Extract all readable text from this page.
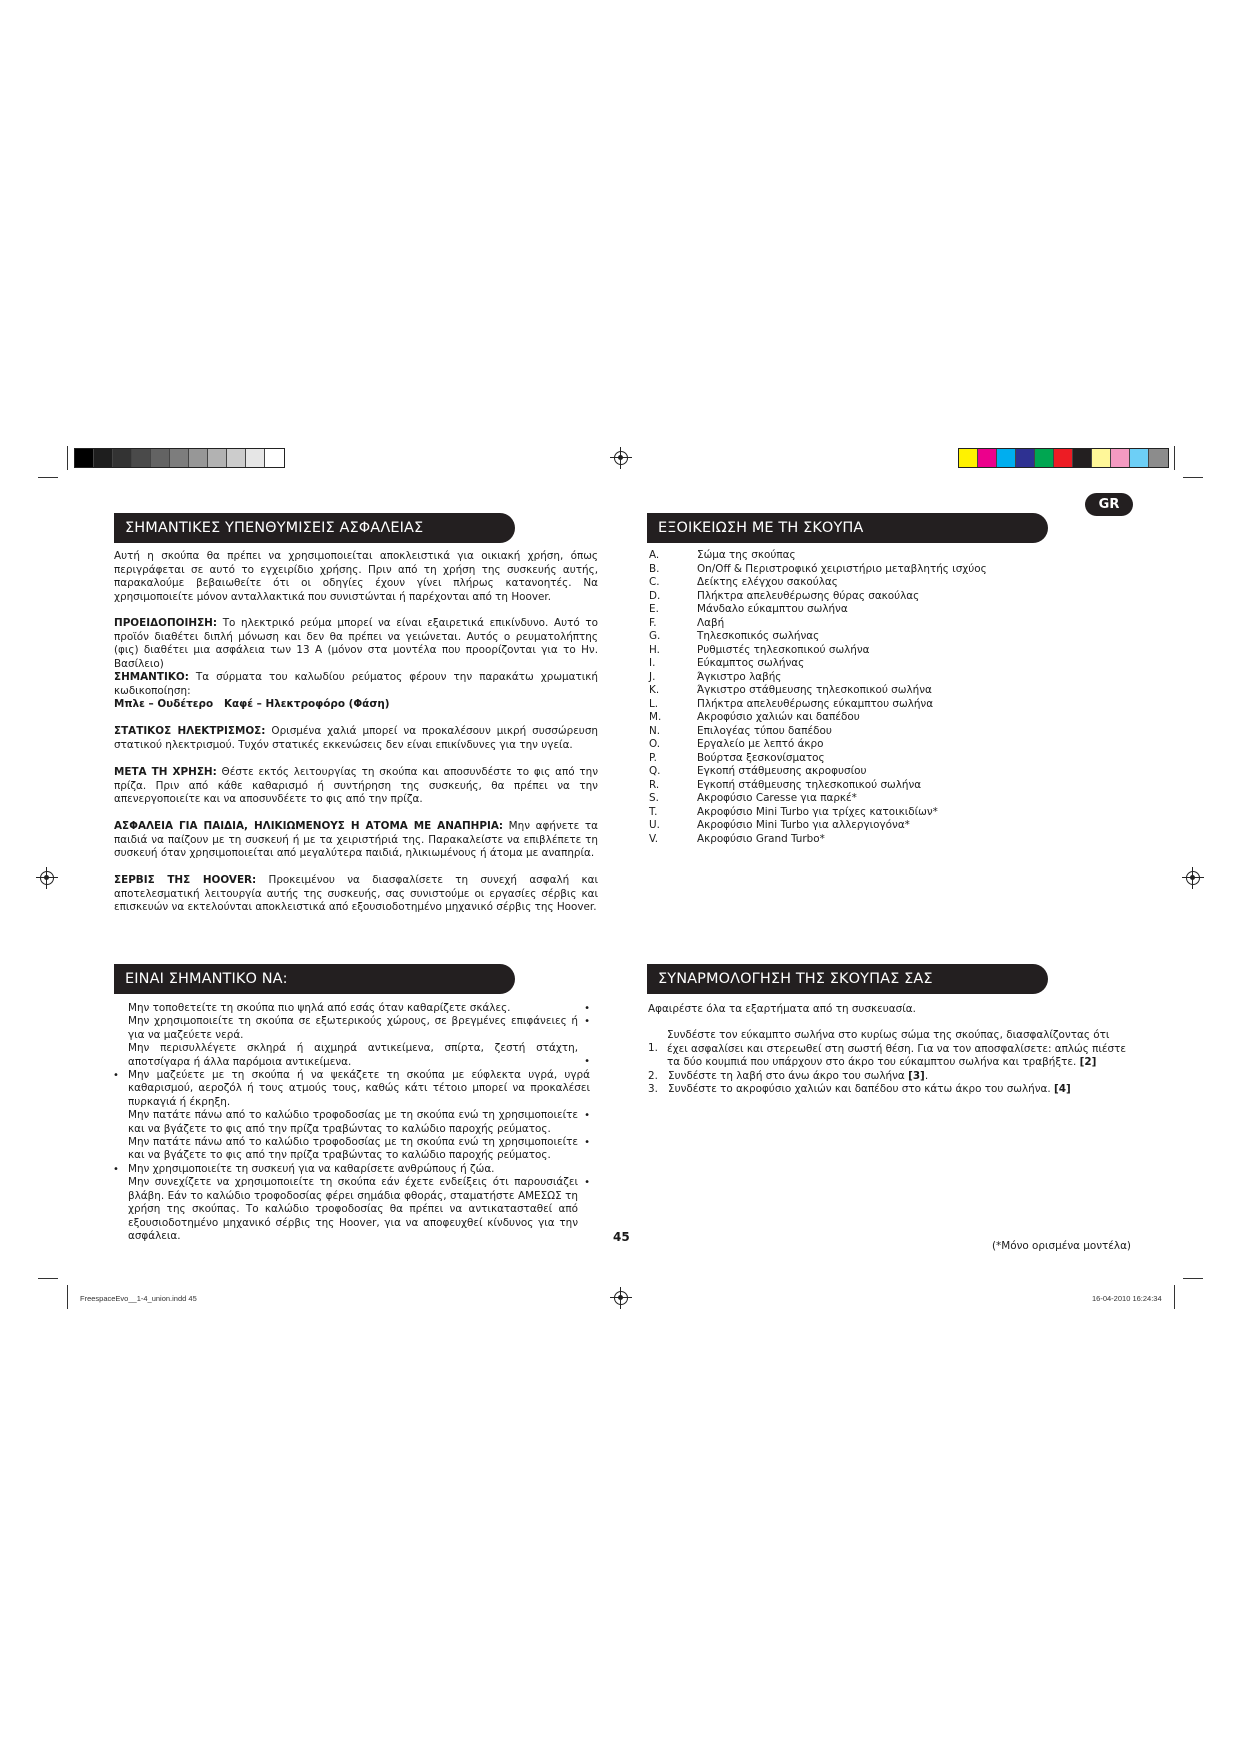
GR
ΣΗΜΑΝΤΙΚΕΣ ΥΠΕΝΘΥΜΙΣΕΙΣ ΑΣΦΑΛΕΙΑΣ
Αυτή η σκούπα θα πρέπει να χρησιμοποιείται αποκλειστικά για οικιακή χρήση, όπως περιγράφεται σε αυτό το εγχειρίδιο χρήσης. Πριν από τη χρήση της συσκευής αυτής, παρακαλούμε βεβαιωθείτε ότι οι οδηγίες έχουν γίνει πλήρως κατανοητές. Να χρησιμοποιείτε μόνον ανταλλακτικά που συνιστώνται ή παρέχονται από τη Hoover.
ΠΡΟΕΙΔΟΠΟΙΗΣΗ: Το ηλεκτρικό ρεύμα μπορεί να είναι εξαιρετικά επικίνδυνο. Αυτό το προϊόν διαθέτει διπλή μόνωση και δεν θα πρέπει να γειώνεται. Αυτός ο ρευματολήπτης (φις) διαθέτει μια ασφάλεια των 13 A (μόνον στα μοντέλα που προορίζονται για το Ην. Βασίλειο)
ΣΗΜΑΝΤΙΚΟ: Τα σύρματα του καλωδίου ρεύματος φέρουν την παρακάτω χρωματική κωδικοποίηση:
Μπλε – Ουδέτερο   Καφέ – Ηλεκτροφόρο (Φάση)
ΣΤΑΤΙΚΟΣ ΗΛΕΚΤΡΙΣΜΟΣ: Ορισμένα χαλιά μπορεί να προκαλέσουν μικρή συσσώρευση στατικού ηλεκτρισμού. Τυχόν στατικές εκκενώσεις δεν είναι επικίνδυνες για την υγεία.
ΜΕΤΑ ΤΗ ΧΡΗΣΗ: Θέστε εκτός λειτουργίας τη σκούπα και αποσυνδέστε το φις από την πρίζα. Πριν από κάθε καθαρισμό ή συντήρηση της συσκευής, θα πρέπει να την απενεργοποιείτε και να αποσυνδέετε το φις από την πρίζα.
ΑΣΦΑΛΕΙΑ ΓΙΑ ΠΑΙΔΙΑ, ΗΛΙΚΙΩΜΕΝΟΥΣ Η ΑΤΟΜΑ ΜΕ ΑΝΑΠΗΡΙΑ: Μην αφήνετε τα παιδιά να παίζουν με τη συσκευή ή με τα χειριστήριά της. Παρακαλείστε να επιβλέπετε τη συσκευή όταν χρησιμοποιείται από μεγαλύτερα παιδιά, ηλικιωμένους ή άτομα με αναπηρία.
ΣΕΡΒΙΣ ΤΗΣ HOOVER: Προκειμένου να διασφαλίσετε τη συνεχή ασφαλή και αποτελεσματική λειτουργία αυτής της συσκευής, σας συνιστούμε οι εργασίες σέρβις και επισκευών να εκτελούνται αποκλειστικά από εξουσιοδοτημένο μηχανικό σέρβις της Hoover.
ΕΙΝΑΙ ΣΗΜΑΝΤΙΚΟ ΝΑ:
Μην τοποθετείτε τη σκούπα πιο ψηλά από εσάς όταν καθαρίζετε σκάλες.	•
Μην χρησιμοποιείτε τη σκούπα σε εξωτερικούς χώρους, σε βρεγμένες επιφάνειες ή για να μαζεύετε νερά.
•
Μην περισυλλέγετε σκληρά ή αιχμηρά αντικείμενα, σπίρτα, ζεστή στάχτη, αποτσίγαρα ή άλλα παρόμοια αντικείμενα.	•
• Μην μαζεύετε με τη σκούπα ή να ψεκάζετε τη σκούπα με εύφλεκτα υγρά, υγρά καθαρισμού, αεροζόλ ή τους ατμούς τους, καθώς κάτι τέτοιο μπορεί να προκαλέσει πυρκαγιά ή έκρηξη.
Μην πατάτε πάνω από το καλώδιο τροφοδοσίας με τη σκούπα ενώ τη χρησιμοποιείτε και να βγάζετε το φις από την πρίζα τραβώντας το καλώδιο παροχής ρεύματος.
•
Μην πατάτε πάνω από το καλώδιο τροφοδοσίας με τη σκούπα ενώ τη χρησιμοποιείτε και να βγάζετε το φις από την πρίζα τραβώντας το καλώδιο παροχής ρεύματος.
•
• Μην χρησιμοποιείτε τη συσκευή για να καθαρίσετε ανθρώπους ή ζώα.
Μην συνεχίζετε να χρησιμοποιείτε τη σκούπα εάν έχετε ενδείξεις ότι παρουσιάζει βλάβη. Εάν το καλώδιο τροφοδοσίας φέρει σημάδια φθοράς, σταματήστε ΑΜΕΣΩΣ τη χρήση της σκούπας. Το καλώδιο τροφοδοσίας θα πρέπει να αντικατασταθεί από εξουσιοδοτημένο μηχανικό σέρβις της Hoover, για να αποφευχθεί κίνδυνος για την ασφάλεια.
•
45
ΕΞΟΙΚΕΙΩΣΗ ΜΕ ΤΗ ΣΚΟΥΠΑ
A.	Σώμα της σκούπας
B.	On/Off & Περιστροφικό χειριστήριο μεταβλητής ισχύος
C.	Δείκτης ελέγχου σακούλας
D.	Πλήκτρα απελευθέρωσης θύρας σακούλας
E.	Μάνδαλο εύκαμπτου σωλήνα
F.	Λαβή
G.	Τηλεσκοπικός σωλήνας
H.	Ρυθμιστές τηλεσκοπικού σωλήνα
I.	Εύκαμπτος σωλήνας
J.	Άγκιστρο λαβής
K.	Άγκιστρο στάθμευσης τηλεσκοπικού σωλήνα
L.	Πλήκτρα απελευθέρωσης εύκαμπτου σωλήνα
M.	Ακροφύσιο χαλιών και δαπέδου
N.	Επιλογέας τύπου δαπέδου
O.	Εργαλείο με λεπτό άκρο
P.	Βούρτσα ξεσκονίσματος
Q.	Εγκοπή στάθμευσης ακροφυσίου
R.	Εγκοπή στάθμευσης τηλεσκοπικού σωλήνα
S.	Ακροφύσιο Caresse για παρκέ*
T.	Ακροφύσιο Mini Turbo για τρίχες κατοικιδίων*
U.	Ακροφύσιο Mini Turbo για αλλεργιογόνα*
V.	Ακροφύσιο Grand Turbo*
ΣΥΝΑΡΜΟΛΟΓΗΣΗ ΤΗΣ ΣΚΟΥΠΑΣ ΣΑΣ
Αφαιρέστε όλα τα εξαρτήματα από τη συσκευασία.
Συνδέστε τον εύκαμπτο σωλήνα στο κυρίως σώμα της σκούπας, διασφαλίζοντας ότι έχει ασφαλίσει και στερεωθεί στη σωστή θέση. Για να τον αποσφαλίσετε: απλώς πιέστε τα δύο κουμπιά που υπάρχουν στο άκρο του εύκαμπτου σωλήνα και τραβήξτε. [2]
1.
2. Συνδέστε τη λαβή στο άνω άκρο του σωλήνα [3].
3. Συνδέστε το ακροφύσιο χαλιών και δαπέδου στο κάτω άκρο του σωλήνα. [4]
(*Μόνο ορισμένα μοντέλα)
FreespaceEvo__1-4_union.indd 45	16-04-2010 16:24:34
